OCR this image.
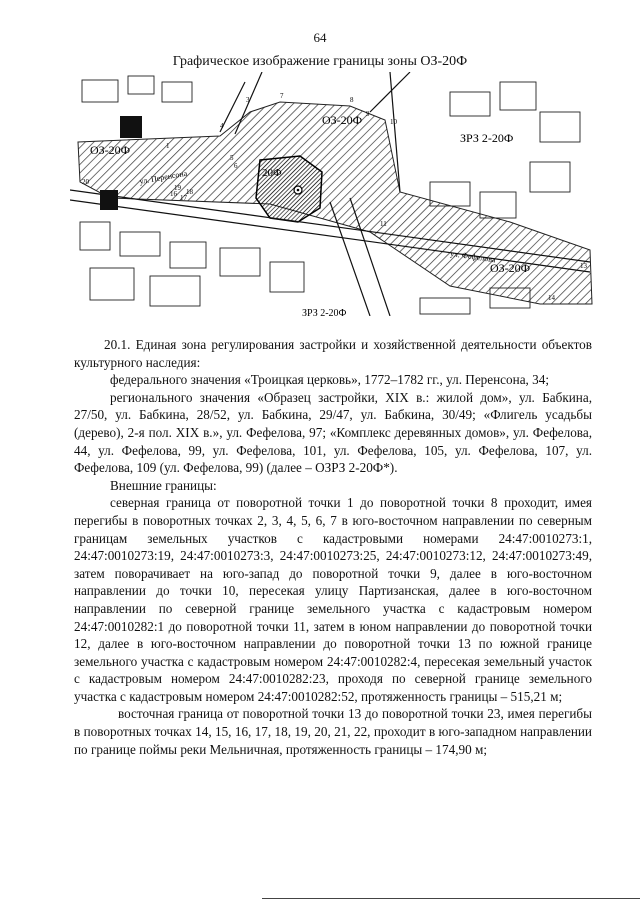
64
Графическое изображение границы зоны ОЗ-20Ф
ОЗ-20Ф
ОЗ-20Ф
ОЗ-20Ф
ЗРЗ 2-20Ф
20Ф
ЗРЗ 2-20Ф
ул. Перенсона
ул. Фефелова
1
3
4
5
6
7	8
9
10
11
13
14
16 17
18
19
20

20.1. Единая зона регулирования застройки и хозяйственной деятельности объектов культурного наследия:

федерального значения «Троицкая церковь», 1772–1782 гг., ул. Перенсона, 34;

регионального значения «Образец застройки, XIX в.: жилой дом», ул. Бабкина, 27/50, ул. Бабкина, 28/52, ул. Бабкина, 29/47, ул. Бабкина, 30/49; «Флигель усадьбы (дерево), 2-я пол. XIX в.», ул. Фефелова, 97; «Комплекс деревянных домов», ул. Фефелова, 44, ул. Фефелова, 99, ул. Фефелова, 101, ул. Фефелова, 105, ул. Фефелова, 107, ул. Фефелова, 109 (ул. Фефелова, 99) (далее – ОЗРЗ 2-20Ф*).

Внешние границы:

северная граница от поворотной точки 1 до поворотной точки 8 проходит, имея перегибы в поворотных точках 2, 3, 4, 5, 6, 7 в юго-восточном направлении по северным границам земельных участков с кадастровыми номерами 24:47:0010273:1, 24:47:0010273:19, 24:47:0010273:3, 24:47:0010273:25, 24:47:0010273:12, 24:47:0010273:49, затем поворачивает на юго-запад до поворотной точки 9, далее в юго-восточном направлении до точки 10, пересекая улицу Партизанская, далее в юго-восточном направлении по северной границе земельного участка с кадастровым номером 24:47:0010282:1 до поворотной точки 11, затем в юном направлении до поворотной точки 12, далее в юго-восточном направлении до поворотной точки 13 по южной границе земельного участка с кадастровым номером 24:47:0010282:4, пересекая земельный участок с кадастровым номером 24:47:0010282:23, проходя по северной границе земельного участка с кадастровым номером 24:47:0010282:52, протяженность границы – 515,21 м;

восточная граница от поворотной точки 13 до поворотной точки 23, имея перегибы в поворотных точках 14, 15, 16, 17, 18, 19, 20, 21, 22, проходит в юго-западном направлении по границе поймы реки Мельничная, протяженность границы – 174,90 м;
